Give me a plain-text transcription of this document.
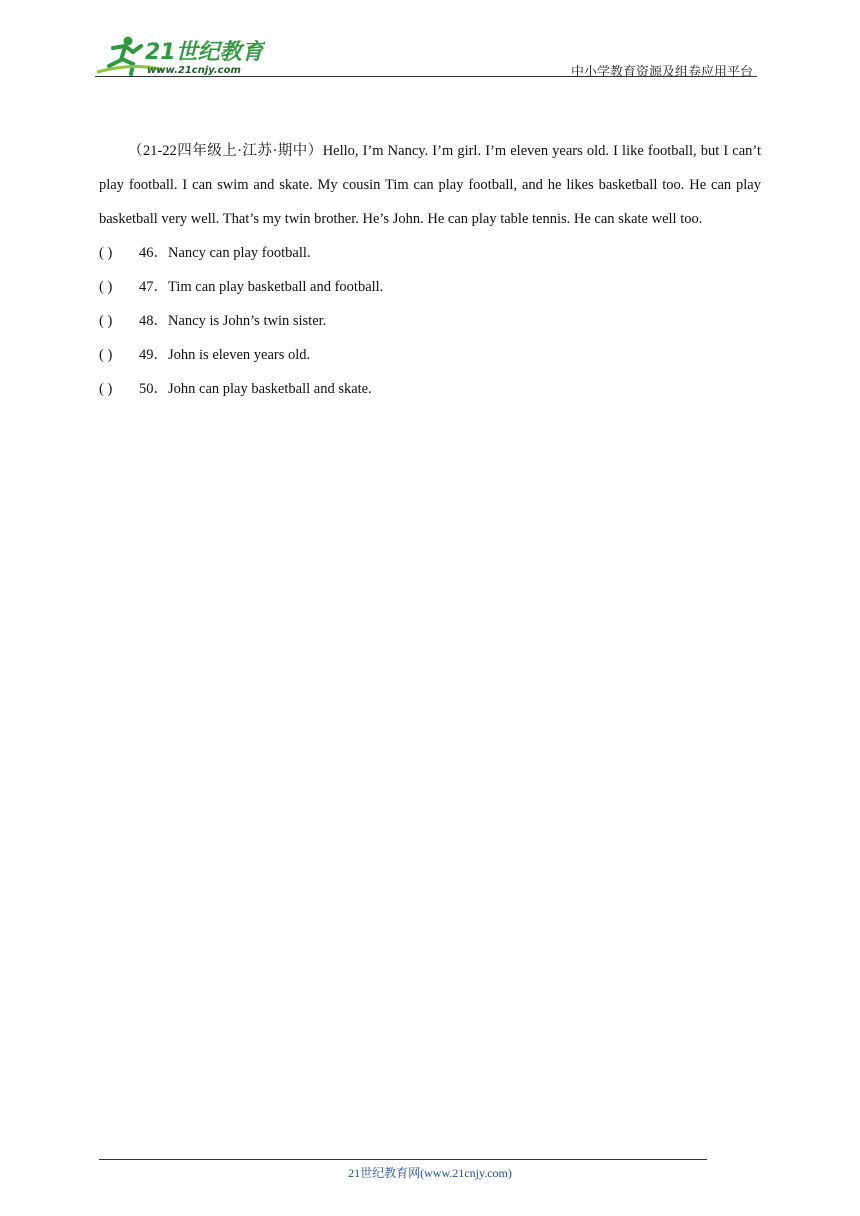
21世纪教育
www.21cnjy.com	中小学教育资源及组卷应用平台

（21-22四年级上·江苏·期中）Hello, I’m Nancy. I’m girl. I’m eleven years old. I like football, but I can’t play football. I can swim and skate. My cousin Tim can play football, and he likes basketball too. He can play basketball very well. That’s my twin brother. He’s John. He can play table tennis. He can skate well too.

( ) 46．Nancy can play football.

( ) 47．Tim can play basketball and football.

( ) 48．Nancy is John’s twin sister.

( ) 49．John is eleven years old.

( ) 50．John can play basketball and skate.

21世纪教育网(www.21cnjy.com)
